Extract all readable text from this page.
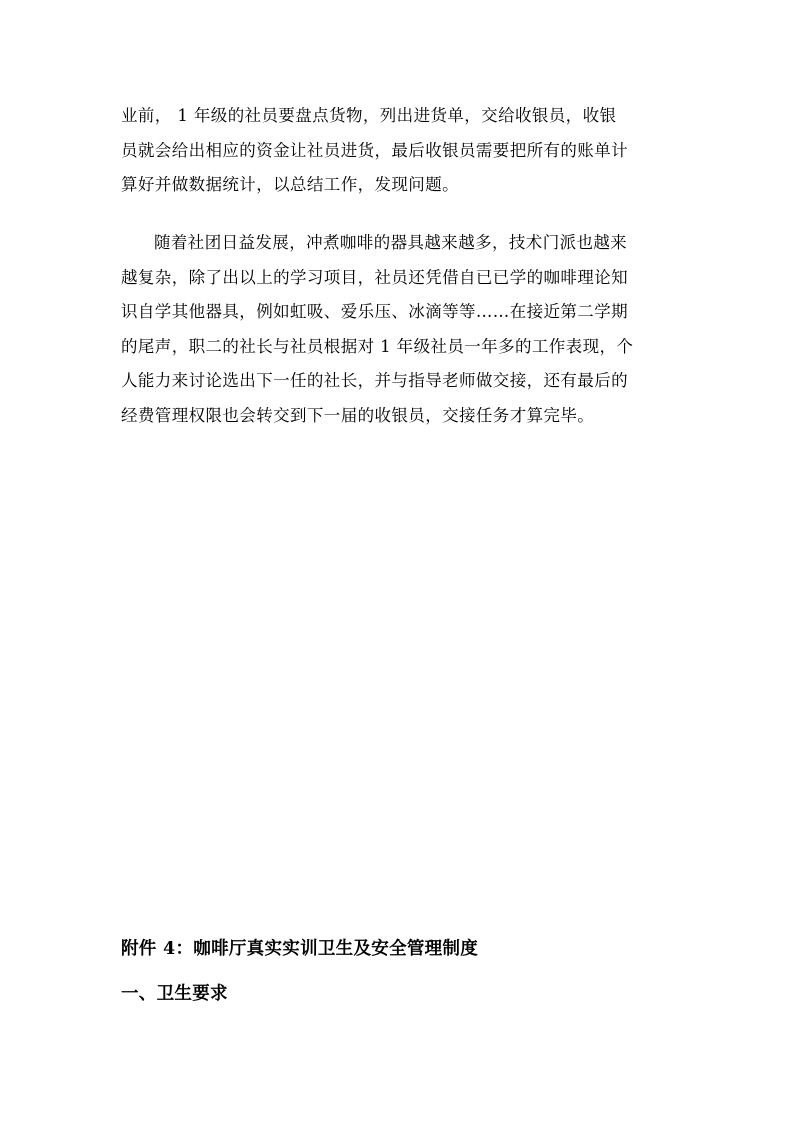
业前， 1 年级的社员要盘点货物，列出进货单，交给收银员，收银
员就会给出相应的资金让社员进货，最后收银员需要把所有的账单计
算好并做数据统计，以总结工作，发现问题。
随着社团日益发展，冲煮咖啡的器具越来越多，技术门派也越来
越复杂，除了出以上的学习项目，社员还凭借自已已学的咖啡理论知
识自学其他器具，例如虹吸、爱乐压、冰滴等等……在接近第二学期
的尾声，职二的社长与社员根据对 1 年级社员一年多的工作表现，个
人能力来讨论选出下一任的社长，并与指导老师做交接，还有最后的
经费管理权限也会转交到下一届的收银员，交接任务才算完毕。
附件 4：咖啡厅真实实训卫生及安全管理制度
一、卫生要求
